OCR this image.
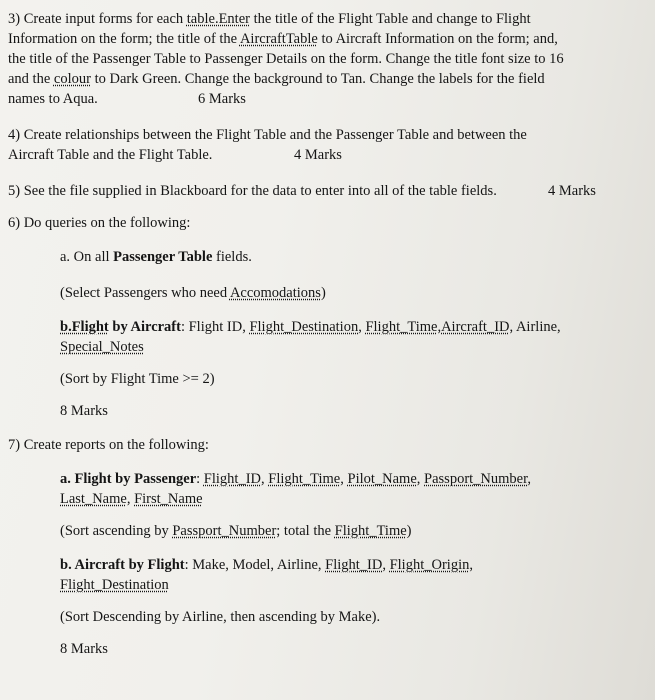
3) Create input forms for each table.Enter the title of the Flight Table and change to Flight
Information on the form; the title of the AircraftTable to Aircraft Information on the form; and,
the title of the Passenger Table to Passenger Details on the form. Change the title font size to 16
and the colour to Dark Green. Change the background to Tan. Change the labels for the field
names to Aqua.	6 Marks
4) Create relationships between the Flight Table and the Passenger Table and between the
Aircraft Table and the Flight Table.	4 Marks
5) See the file supplied in Blackboard for the data to enter into all of the table fields.	4 Marks
6) Do queries on the following:
a. On all Passenger Table fields.
(Select Passengers who need Accomodations)
b.Flight by Aircraft: Flight ID, Flight_Destination, Flight_Time,Aircraft_ID, Airline,
Special_Notes
(Sort by Flight Time >= 2)
8 Marks
7) Create reports on the following:
a. Flight by Passenger: Flight_ID, Flight_Time, Pilot_Name, Passport_Number,
Last_Name, First_Name
(Sort ascending by Passport_Number; total the Flight_Time)
b. Aircraft by Flight: Make, Model, Airline, Flight_ID, Flight_Origin,
Flight_Destination
(Sort Descending by Airline, then ascending by Make).
8 Marks
